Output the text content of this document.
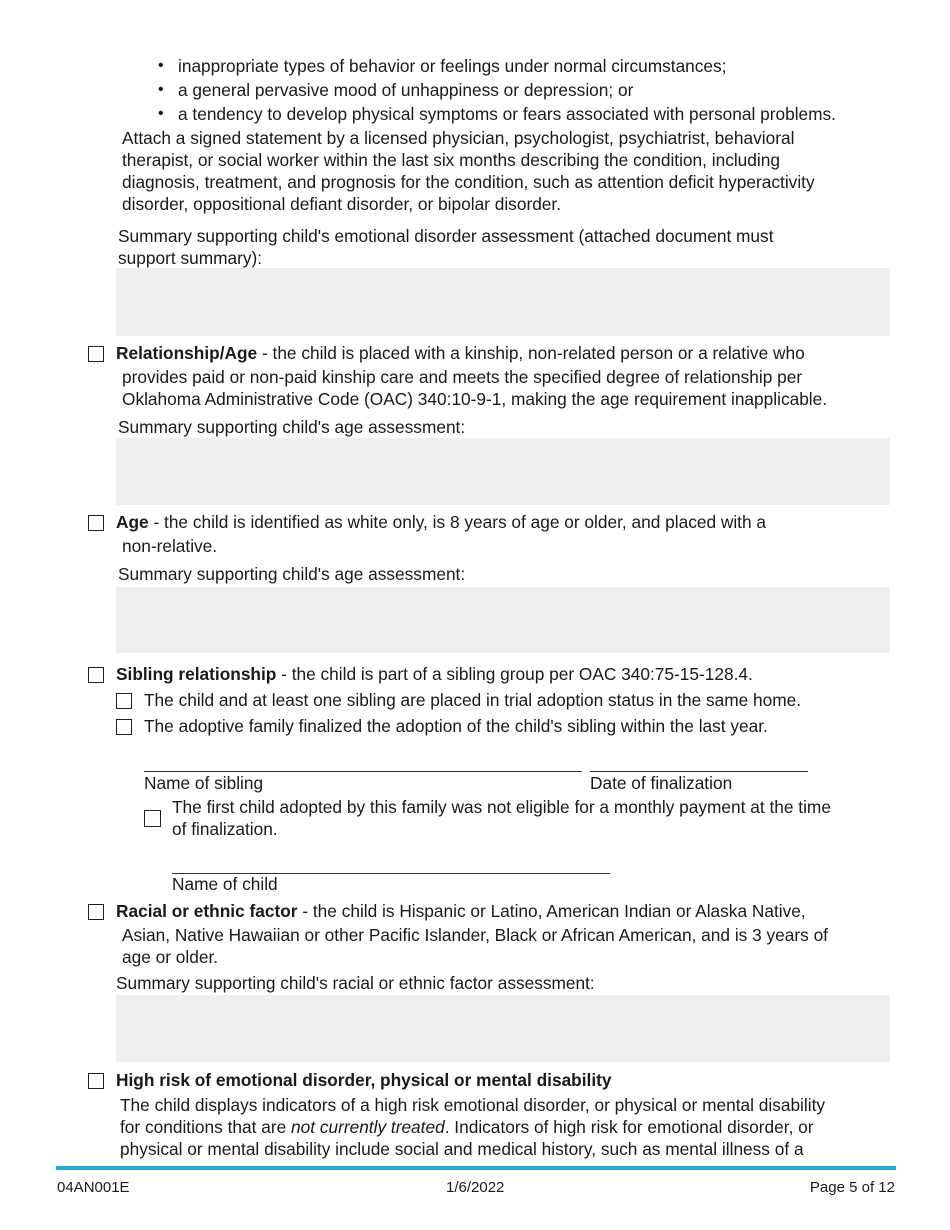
• inappropriate types of behavior or feelings under normal circumstances;
• a general pervasive mood of unhappiness or depression; or
• a tendency to develop physical symptoms or fears associated with personal problems.
Attach a signed statement by a licensed physician, psychologist, psychiatrist, behavioral
therapist, or social worker within the last six months describing the condition, including
diagnosis, treatment, and prognosis for the condition, such as attention deficit hyperactivity
disorder, oppositional defiant disorder, or bipolar disorder.
Summary supporting child's emotional disorder assessment (attached document must
support summary):
Relationship/Age - the child is placed with a kinship, non-related person or a relative who
provides paid or non-paid kinship care and meets the specified degree of relationship per
Oklahoma Administrative Code (OAC) 340:10-9-1, making the age requirement inapplicable.
Summary supporting child's age assessment:
Age - the child is identified as white only, is 8 years of age or older, and placed with a
non-relative.
Summary supporting child's age assessment:
Sibling relationship - the child is part of a sibling group per OAC 340:75-15-128.4.
The child and at least one sibling are placed in trial adoption status in the same home.
The adoptive family finalized the adoption of the child's sibling within the last year.
Name of sibling	Date of finalization
The first child adopted by this family was not eligible for a monthly payment at the time
of finalization.
Name of child
Racial or ethnic factor - the child is Hispanic or Latino, American Indian or Alaska Native,
Asian, Native Hawaiian or other Pacific Islander, Black or African American, and is 3 years of
age or older.
Summary supporting child's racial or ethnic factor assessment:
High risk of emotional disorder, physical or mental disability
The child displays indicators of a high risk emotional disorder, or physical or mental disability
for conditions that are not currently treated. Indicators of high risk for emotional disorder, or
physical or mental disability include social and medical history, such as mental illness of a
04AN001E	1/6/2022	Page 5 of 12
